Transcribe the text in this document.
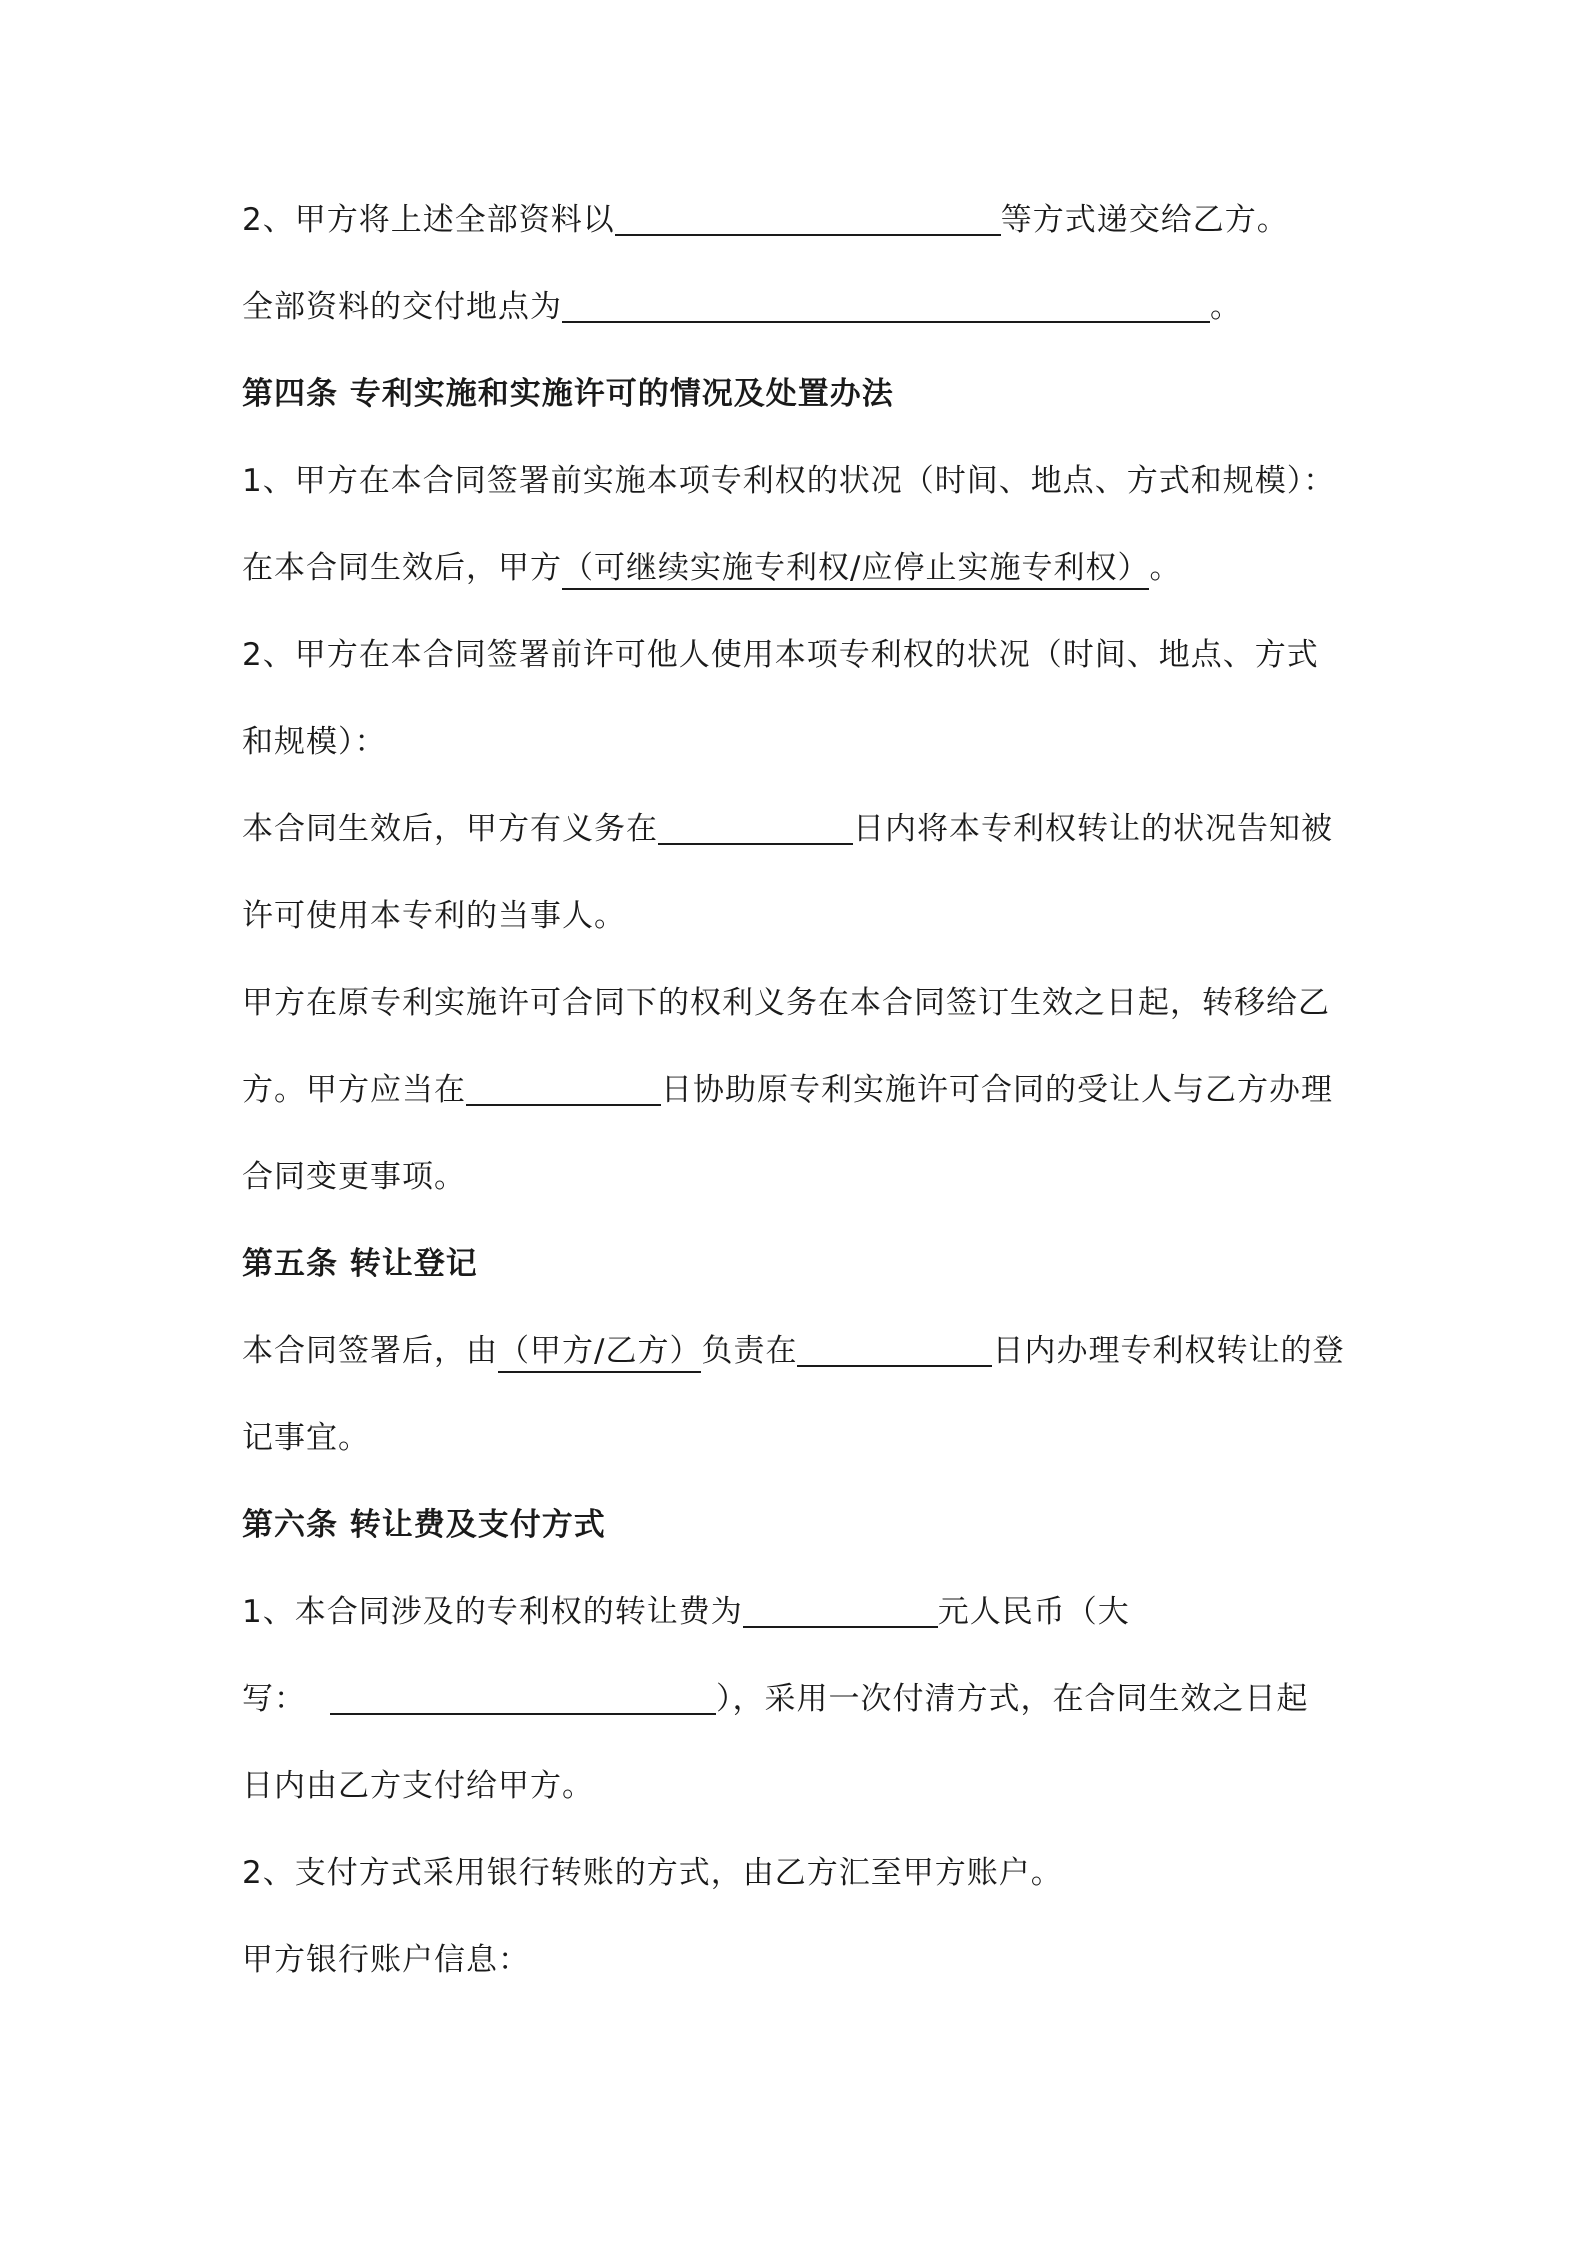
2、甲方将上述全部资料以	等方式递交给乙方。
全部资料的交付地点为	。
第四条 专利实施和实施许可的情况及处置办法
1、甲方在本合同签署前实施本项专利权的状况（时间、地点、方式和规模）：
在本合同生效后，甲方（可继续实施专利权/应停止实施专利权）。
2、甲方在本合同签署前许可他人使用本项专利权的状况（时间、地点、方式
和规模）：
本合同生效后，甲方有义务在	日内将本专利权转让的状况告知被
许可使用本专利的当事人。
甲方在原专利实施许可合同下的权利义务在本合同签订生效之日起，转移给乙
方。甲方应当在	日协助原专利实施许可合同的受让人与乙方办理
合同变更事项。
第五条 转让登记
本合同签署后，由（甲方/乙方）负责在	日内办理专利权转让的登
记事宜。
第六条 转让费及支付方式
1、本合同涉及的专利权的转让费为	元人民币（大
写：	），采用一次付清方式，在合同生效之日起
日内由乙方支付给甲方。
2、支付方式采用银行转账的方式，由乙方汇至甲方账户。
甲方银行账户信息：
